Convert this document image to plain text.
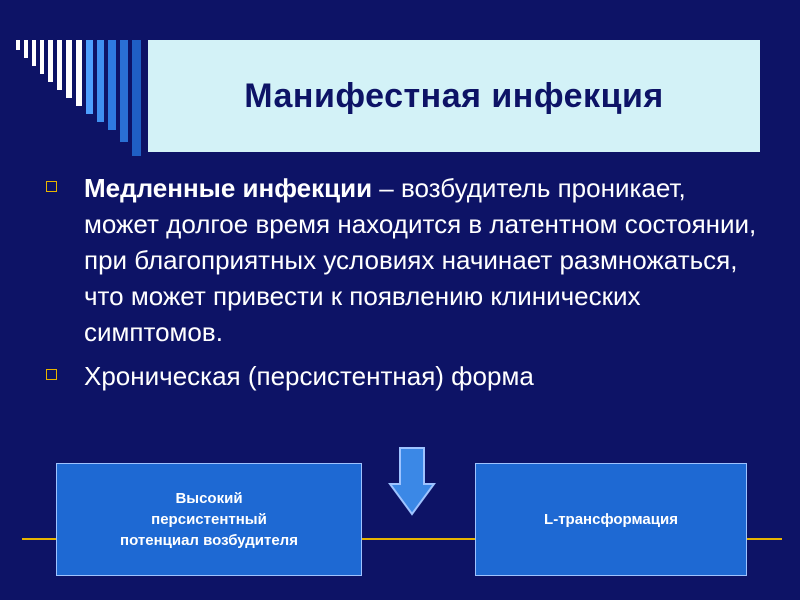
Манифестная инфекция
Медленные инфекции – возбудитель проникает, может долгое время находится в латентном состоянии, при благоприятных условиях начинает размножаться, что может привести к появлению клинических симптомов.
Хроническая (персистентная) форма
Высокий
персистентный
потенциал возбудителя
L-трансформация
